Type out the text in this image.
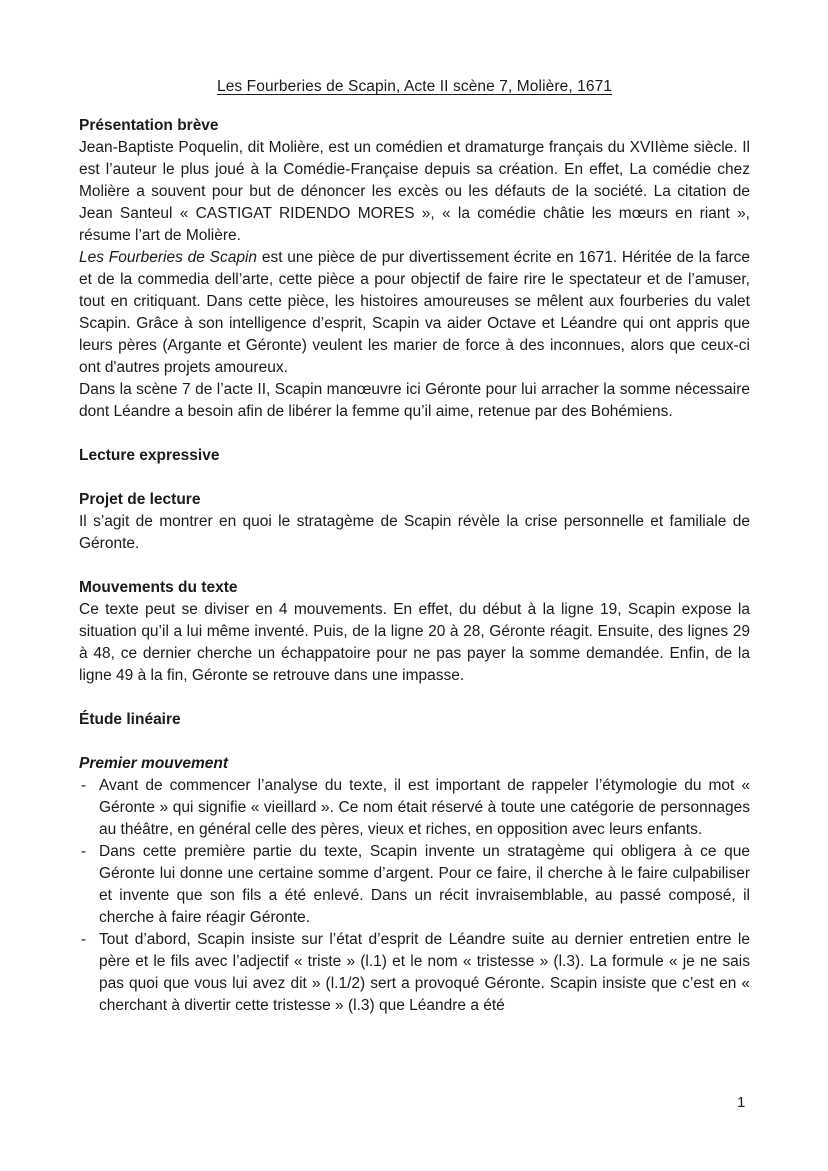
Les Fourberies de Scapin, Acte II scène 7, Molière, 1671
Présentation brève

Jean-Baptiste Poquelin, dit Molière, est un comédien et dramaturge français du XVIIème siècle. Il est l’auteur le plus joué à la Comédie-Française depuis sa création. En effet, La comédie chez Molière a souvent pour but de dénoncer les excès ou les défauts de la société. La citation de Jean Santeul « CASTIGAT RIDENDO MORES », « la comédie châtie les mœurs en riant », résume l’art de Molière.

Les Fourberies de Scapin est une pièce de pur divertissement écrite en 1671. Héritée de la farce et de la commedia dell’arte, cette pièce a pour objectif de faire rire le spectateur et de l’amuser, tout en critiquant. Dans cette pièce, les histoires amoureuses se mêlent aux fourberies du valet Scapin. Grâce à son intelligence d’esprit, Scapin va aider Octave et Léandre qui ont appris que leurs pères (Argante et Géronte) veulent les marier de force à des inconnues, alors que ceux-ci ont d'autres projets amoureux.

Dans la scène 7 de l’acte II, Scapin manœuvre ici Géronte pour lui arracher la somme nécessaire dont Léandre a besoin afin de libérer la femme qu’il aime, retenue par des Bohémiens.

Lecture expressive
Projet de lecture

Il s’agit de montrer en quoi le stratagème de Scapin révèle la crise personnelle et familiale de Géronte.

Mouvements du texte

Ce texte peut se diviser en 4 mouvements. En effet, du début à la ligne 19, Scapin expose la situation qu’il a lui même inventé. Puis, de la ligne 20 à 28, Géronte réagit. Ensuite, des lignes 29 à 48, ce dernier cherche un échappatoire pour ne pas payer la somme demandée. Enfin, de la ligne 49 à la fin, Géronte se retrouve dans une impasse.

Étude linéaire
Premier mouvement
- Avant de commencer l’analyse du texte, il est important de rappeler l’étymologie du mot « Géronte » qui signifie « vieillard ». Ce nom était réservé à toute une catégorie de personnages au théâtre, en général celle des pères, vieux et riches, en opposition avec leurs enfants.
- Dans cette première partie du texte, Scapin invente un stratagème qui obligera à ce que Géronte lui donne une certaine somme d’argent. Pour ce faire, il cherche à le faire culpabiliser et invente que son fils a été enlevé. Dans un récit invraisemblable, au passé composé, il cherche à faire réagir Géronte.
- Tout d’abord, Scapin insiste sur l’état d’esprit de Léandre suite au dernier entretien entre le père et le fils avec l’adjectif « triste » (l.1) et le nom « tristesse » (l.3). La formule « je ne sais pas quoi que vous lui avez dit » (l.1/2) sert a provoqué Géronte. Scapin insiste que c’est en « cherchant à divertir cette tristesse » (l.3) que Léandre a été
1
